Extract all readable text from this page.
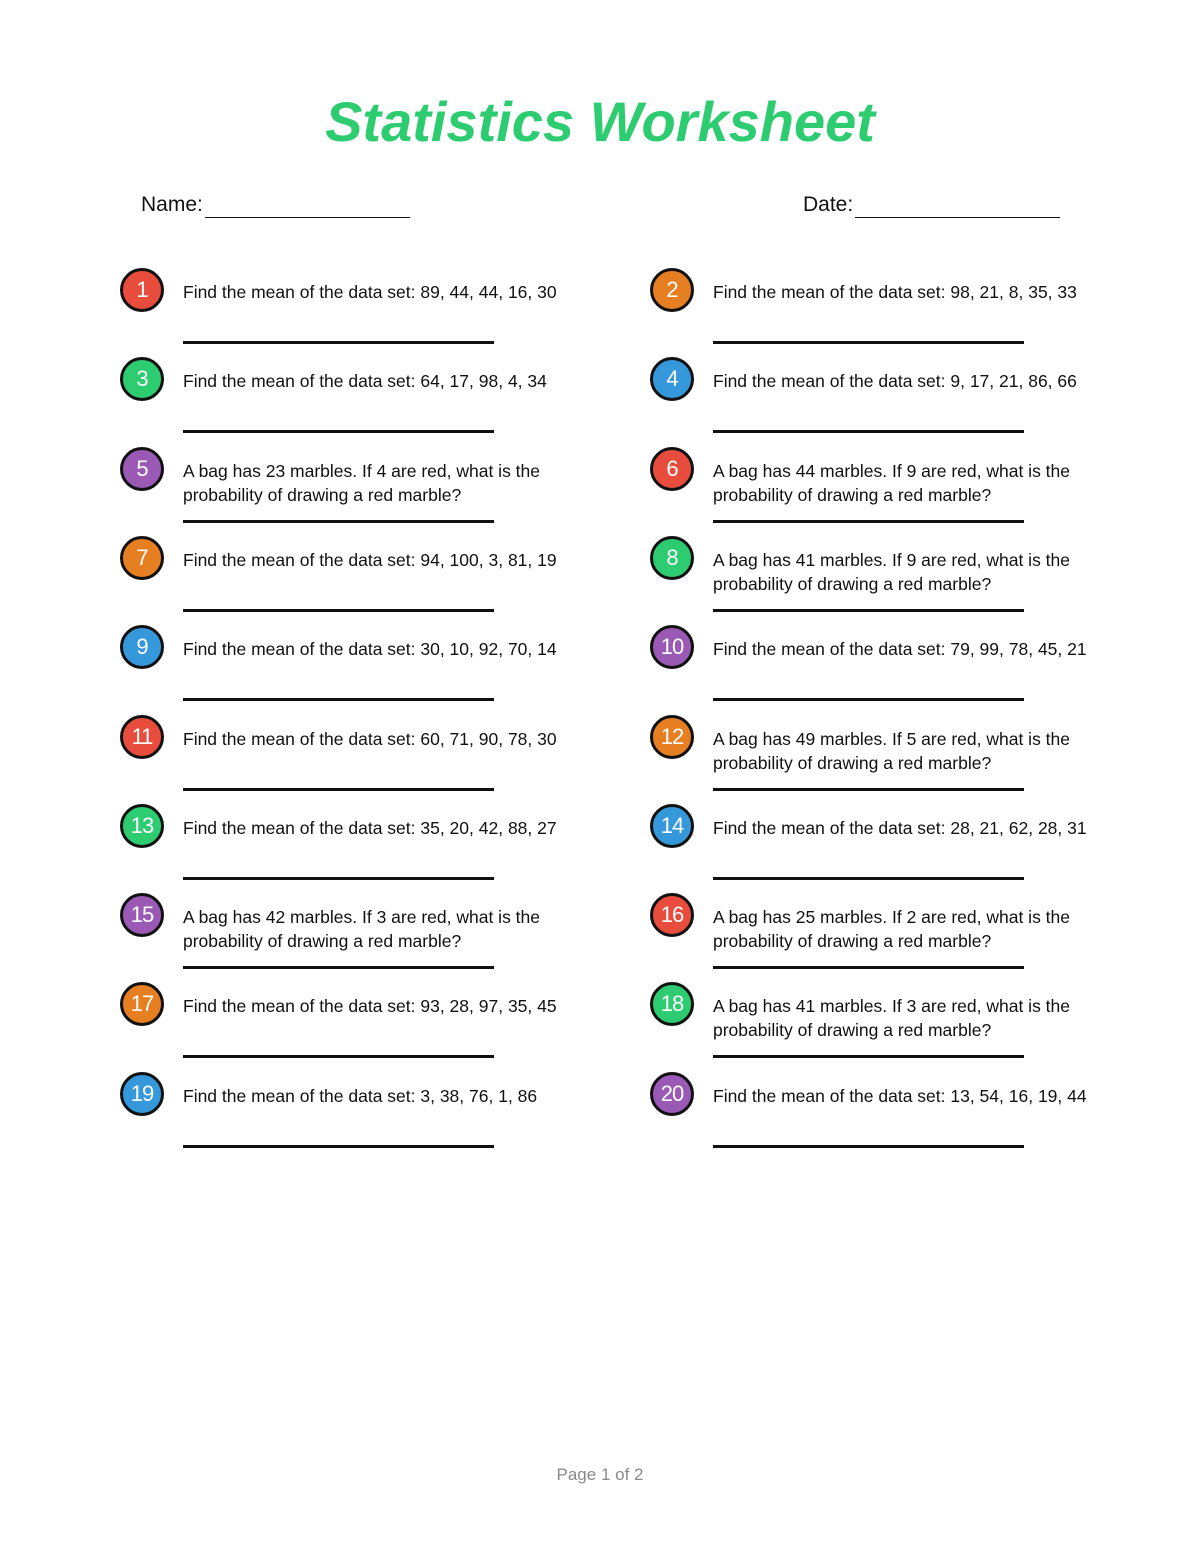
Statistics Worksheet
Name:	Date:
1	Find the mean of the data set: 89, 44, 44, 16, 30	2	Find the mean of the data set: 98, 21, 8, 35, 33
3	Find the mean of the data set: 64, 17, 98, 4, 34	4	Find the mean of the data set: 9, 17, 21, 86, 66
5	A bag has 23 marbles. If 4 are red, what is the probability of drawing a red marble?
6	A bag has 44 marbles. If 9 are red, what is the probability of drawing a red marble?
7	Find the mean of the data set: 94, 100, 3, 81, 19	8	A bag has 41 marbles. If 9 are red, what is the probability of drawing a red marble?
9	Find the mean of the data set: 30, 10, 92, 70, 14	10	Find the mean of the data set: 79, 99, 78, 45, 21
11	Find the mean of the data set: 60, 71, 90, 78, 30	12	A bag has 49 marbles. If 5 are red, what is the probability of drawing a red marble?
13	Find the mean of the data set: 35, 20, 42, 88, 27	14	Find the mean of the data set: 28, 21, 62, 28, 31
15	A bag has 42 marbles. If 3 are red, what is the probability of drawing a red marble?
16	A bag has 25 marbles. If 2 are red, what is the probability of drawing a red marble?
17	Find the mean of the data set: 93, 28, 97, 35, 45	18	A bag has 41 marbles. If 3 are red, what is the probability of drawing a red marble?
19	Find the mean of the data set: 3, 38, 76, 1, 86	20	Find the mean of the data set: 13, 54, 16, 19, 44
Page 1 of 2
